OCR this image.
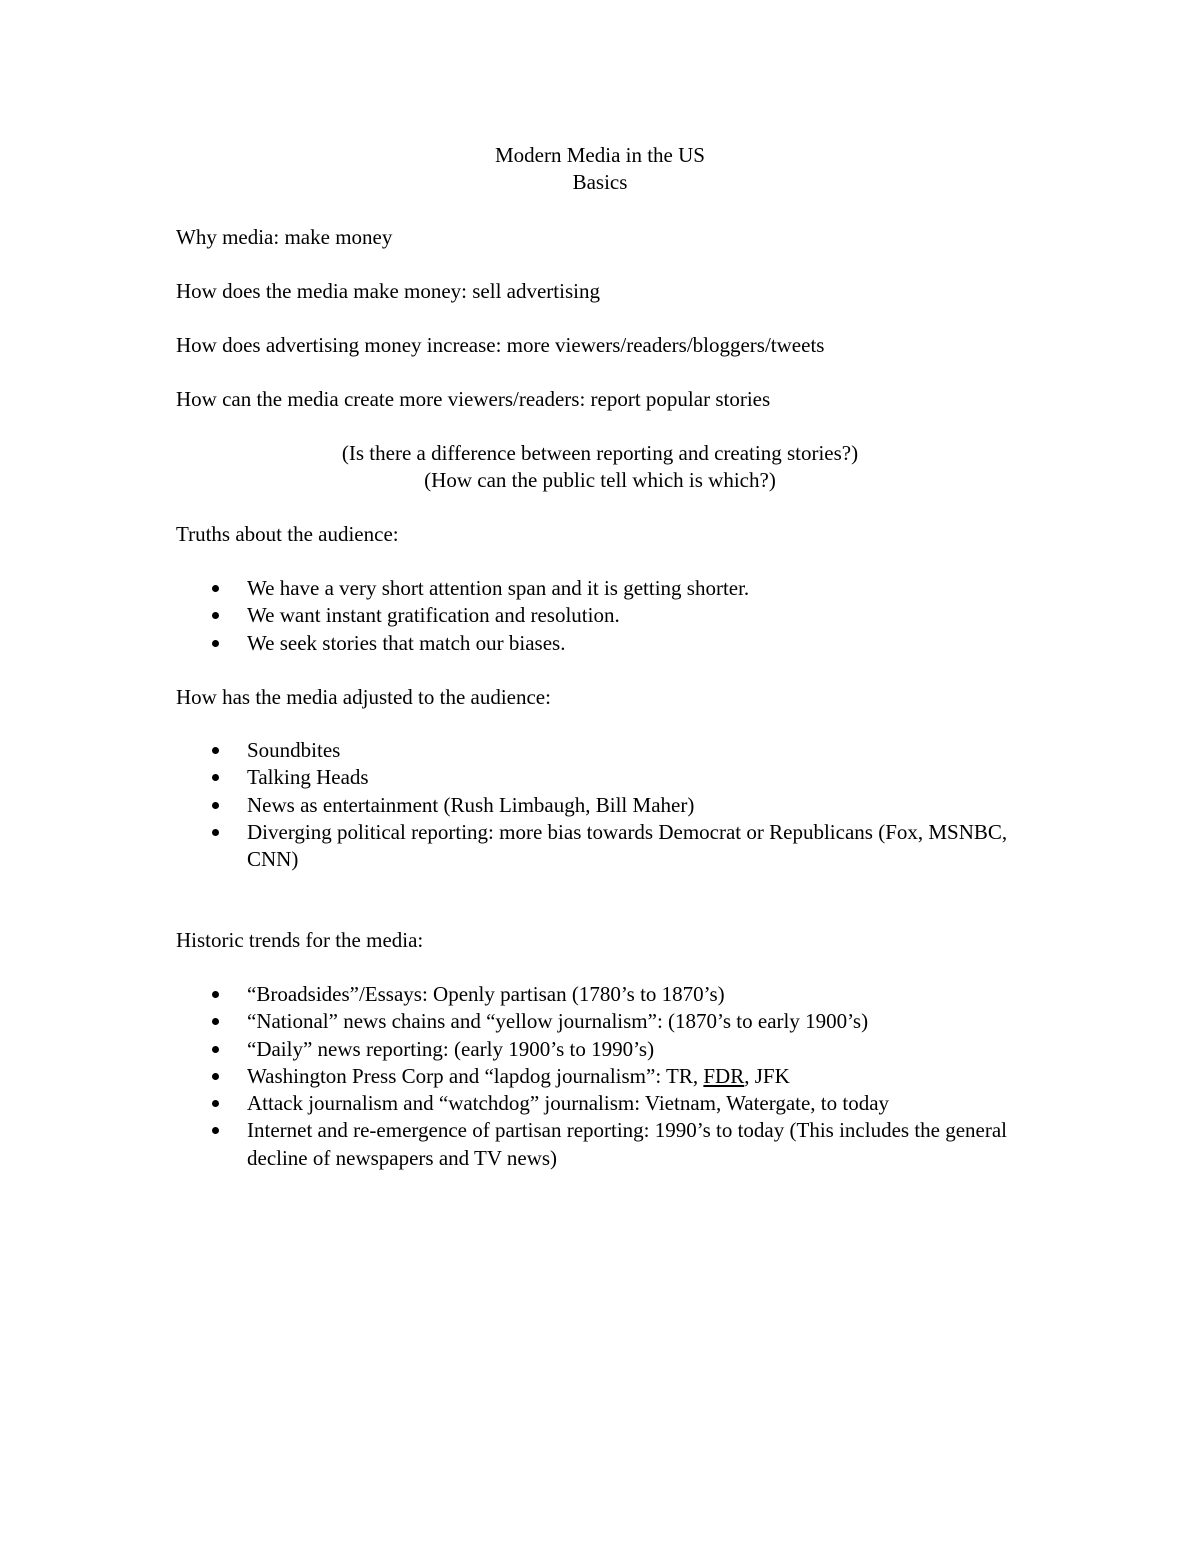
Modern Media in the US
Basics
Why media: make money
How does the media make money: sell advertising
How does advertising money increase: more viewers/readers/bloggers/tweets
How can the media create more viewers/readers: report popular stories
(Is there a difference between reporting and creating stories?)
(How can the public tell which is which?)
Truths about the audience:
We have a very short attention span and it is getting shorter.
We want instant gratification and resolution.
We seek stories that match our biases.
How has the media adjusted to the audience:
Soundbites
Talking Heads
News as entertainment (Rush Limbaugh, Bill Maher)
Diverging political reporting: more bias towards Democrat or Republicans (Fox, MSNBC, CNN)
Historic trends for the media:
“Broadsides”/Essays: Openly partisan (1780’s to 1870’s)
“National” news chains and “yellow journalism”: (1870’s to early 1900’s)
“Daily” news reporting: (early 1900’s to 1990’s)
Washington Press Corp and “lapdog journalism”: TR, FDR, JFK
Attack journalism and “watchdog” journalism: Vietnam, Watergate, to today
Internet and re-emergence of partisan reporting: 1990’s to today (This includes the general decline of newspapers and TV news)
